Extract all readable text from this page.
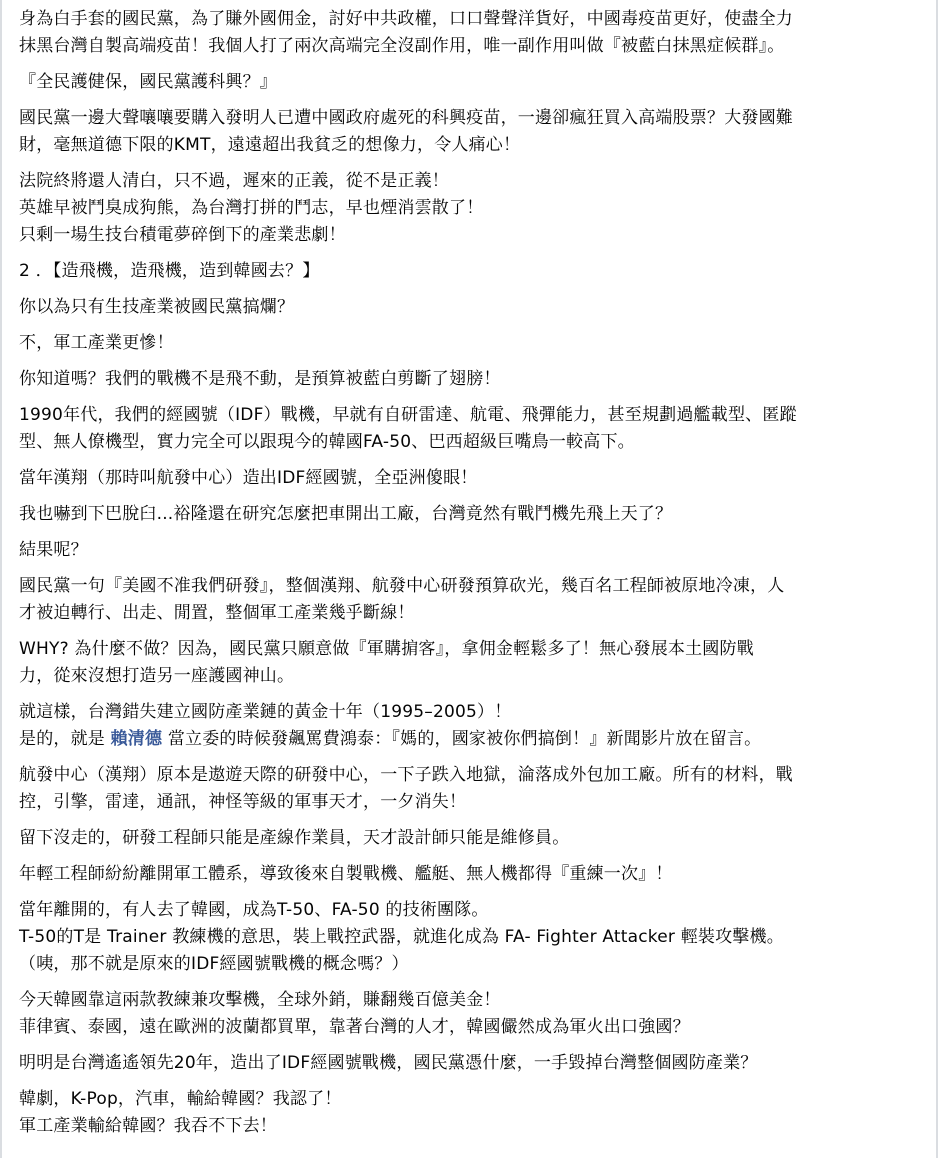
身為白手套的國民黨，為了賺外國佣金，討好中共政權，口口聲聲洋貨好，中國毒疫苗更好，使盡全力
抹黑台灣自製高端疫苗！我個人打了兩次高端完全沒副作用，唯一副作用叫做『被藍白抹黑症候群』。
『全民護健保，國民黨護科興？』
國民黨一邊大聲嚷嚷要購入發明人已遭中國政府處死的科興疫苗，一邊卻瘋狂買入高端股票？大發國難
財，毫無道德下限的KMT，遠遠超出我貧乏的想像力，令人痛心！
法院終將還人清白，只不過，遲來的正義，從不是正義！
英雄早被鬥臭成狗熊，為台灣打拼的鬥志，早也煙消雲散了！
只剩一場生技台積電夢碎倒下的產業悲劇！
2 ．【造飛機，造飛機，造到韓國去？】
你以為只有生技產業被國民黨搞爛？
不，軍工產業更慘！
你知道嗎？我們的戰機不是飛不動，是預算被藍白剪斷了翅膀！
1990年代，我們的經國號（IDF）戰機，早就有自研雷達、航電、飛彈能力，甚至規劃過艦載型、匿蹤
型、無人僚機型，實力完全可以跟現今的韓國FA-50、巴西超級巨嘴鳥一較高下。
當年漢翔（那時叫航發中心）造出IDF經國號，全亞洲傻眼！
我也嚇到下巴脫臼...裕隆還在研究怎麼把車開出工廠，台灣竟然有戰鬥機先飛上天了？
結果呢？
國民黨一句『美國不准我們研發』，整個漢翔、航發中心研發預算砍光，幾百名工程師被原地冷凍，人
才被迫轉行、出走、閒置，整個軍工產業幾乎斷線！
WHY? 為什麼不做？因為，國民黨只願意做『軍購掮客』，拿佣金輕鬆多了！無心發展本土國防戰
力，從來沒想打造另一座護國神山。
就這樣，台灣錯失建立國防產業鏈的黃金十年（1995–2005）！
是的，就是 賴清德 當立委的時候發飆罵費鴻泰：『媽的，國家被你們搞倒！』新聞影片放在留言。
航發中心（漢翔）原本是遨遊天際的研發中心，一下子跌入地獄，淪落成外包加工廠。所有的材料，戰
控，引擎，雷達，通訊，神怪等級的軍事天才，一夕消失！
留下沒走的，研發工程師只能是產線作業員，天才設計師只能是維修員。
年輕工程師紛紛離開軍工體系，導致後來自製戰機、艦艇、無人機都得『重練一次』！
當年離開的，有人去了韓國，成為T-50、FA-50 的技術團隊。
T-50的T是 Trainer 教練機的意思，裝上戰控武器，就進化成為 FA- Fighter Attacker 輕裝攻擊機。
（咦，那不就是原來的IDF經國號戰機的概念嗎？）
今天韓國靠這兩款教練兼攻擊機，全球外銷，賺翻幾百億美金！
菲律賓、泰國，遠在歐洲的波蘭都買單，靠著台灣的人才，韓國儼然成為軍火出口強國？
明明是台灣遙遙領先20年，造出了IDF經國號戰機，國民黨憑什麼，一手毀掉台灣整個國防產業？
韓劇，K-Pop，汽車，輸給韓國？我認了！
軍工產業輸給韓國？我吞不下去！
